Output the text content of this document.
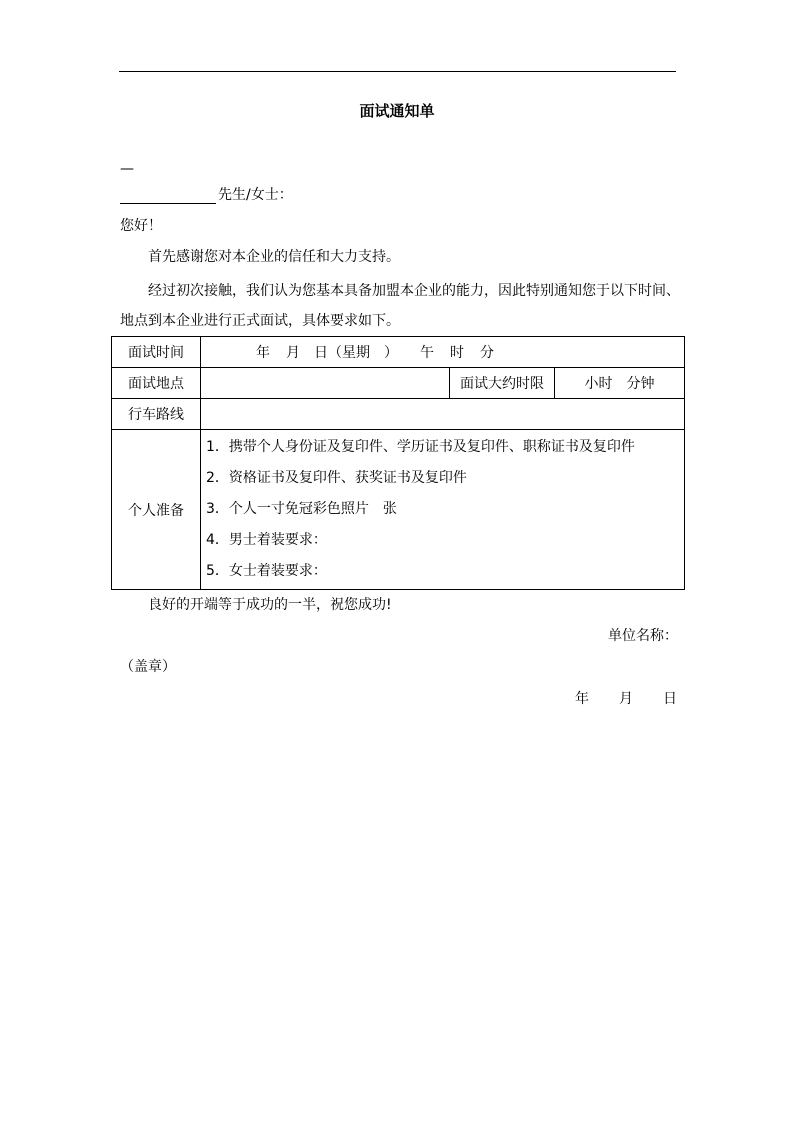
面试通知单
—
先生/女士：
您好！
首先感谢您对本企业的信任和大力支持。
经过初次接触，我们认为您基本具备加盟本企业的能力，因此特别通知您于以下时间、
地点到本企业进行正式面试，具体要求如下。
面试时间	年 月 日（星期 ） 午 时 分		
面试地点		面试大约时限	小时 分钟
行车路线			
个人准备	1．携带个人身份证及复印件、学历证书及复印件、职称证书及复印件
2．资格证书及复印件、获奖证书及复印件
3．个人一寸免冠彩色照片　张
4．男士着装要求：
5．女士着装要求：		
良好的开端等于成功的一半，祝您成功!
单位名称：
（盖章）
年 月 日
